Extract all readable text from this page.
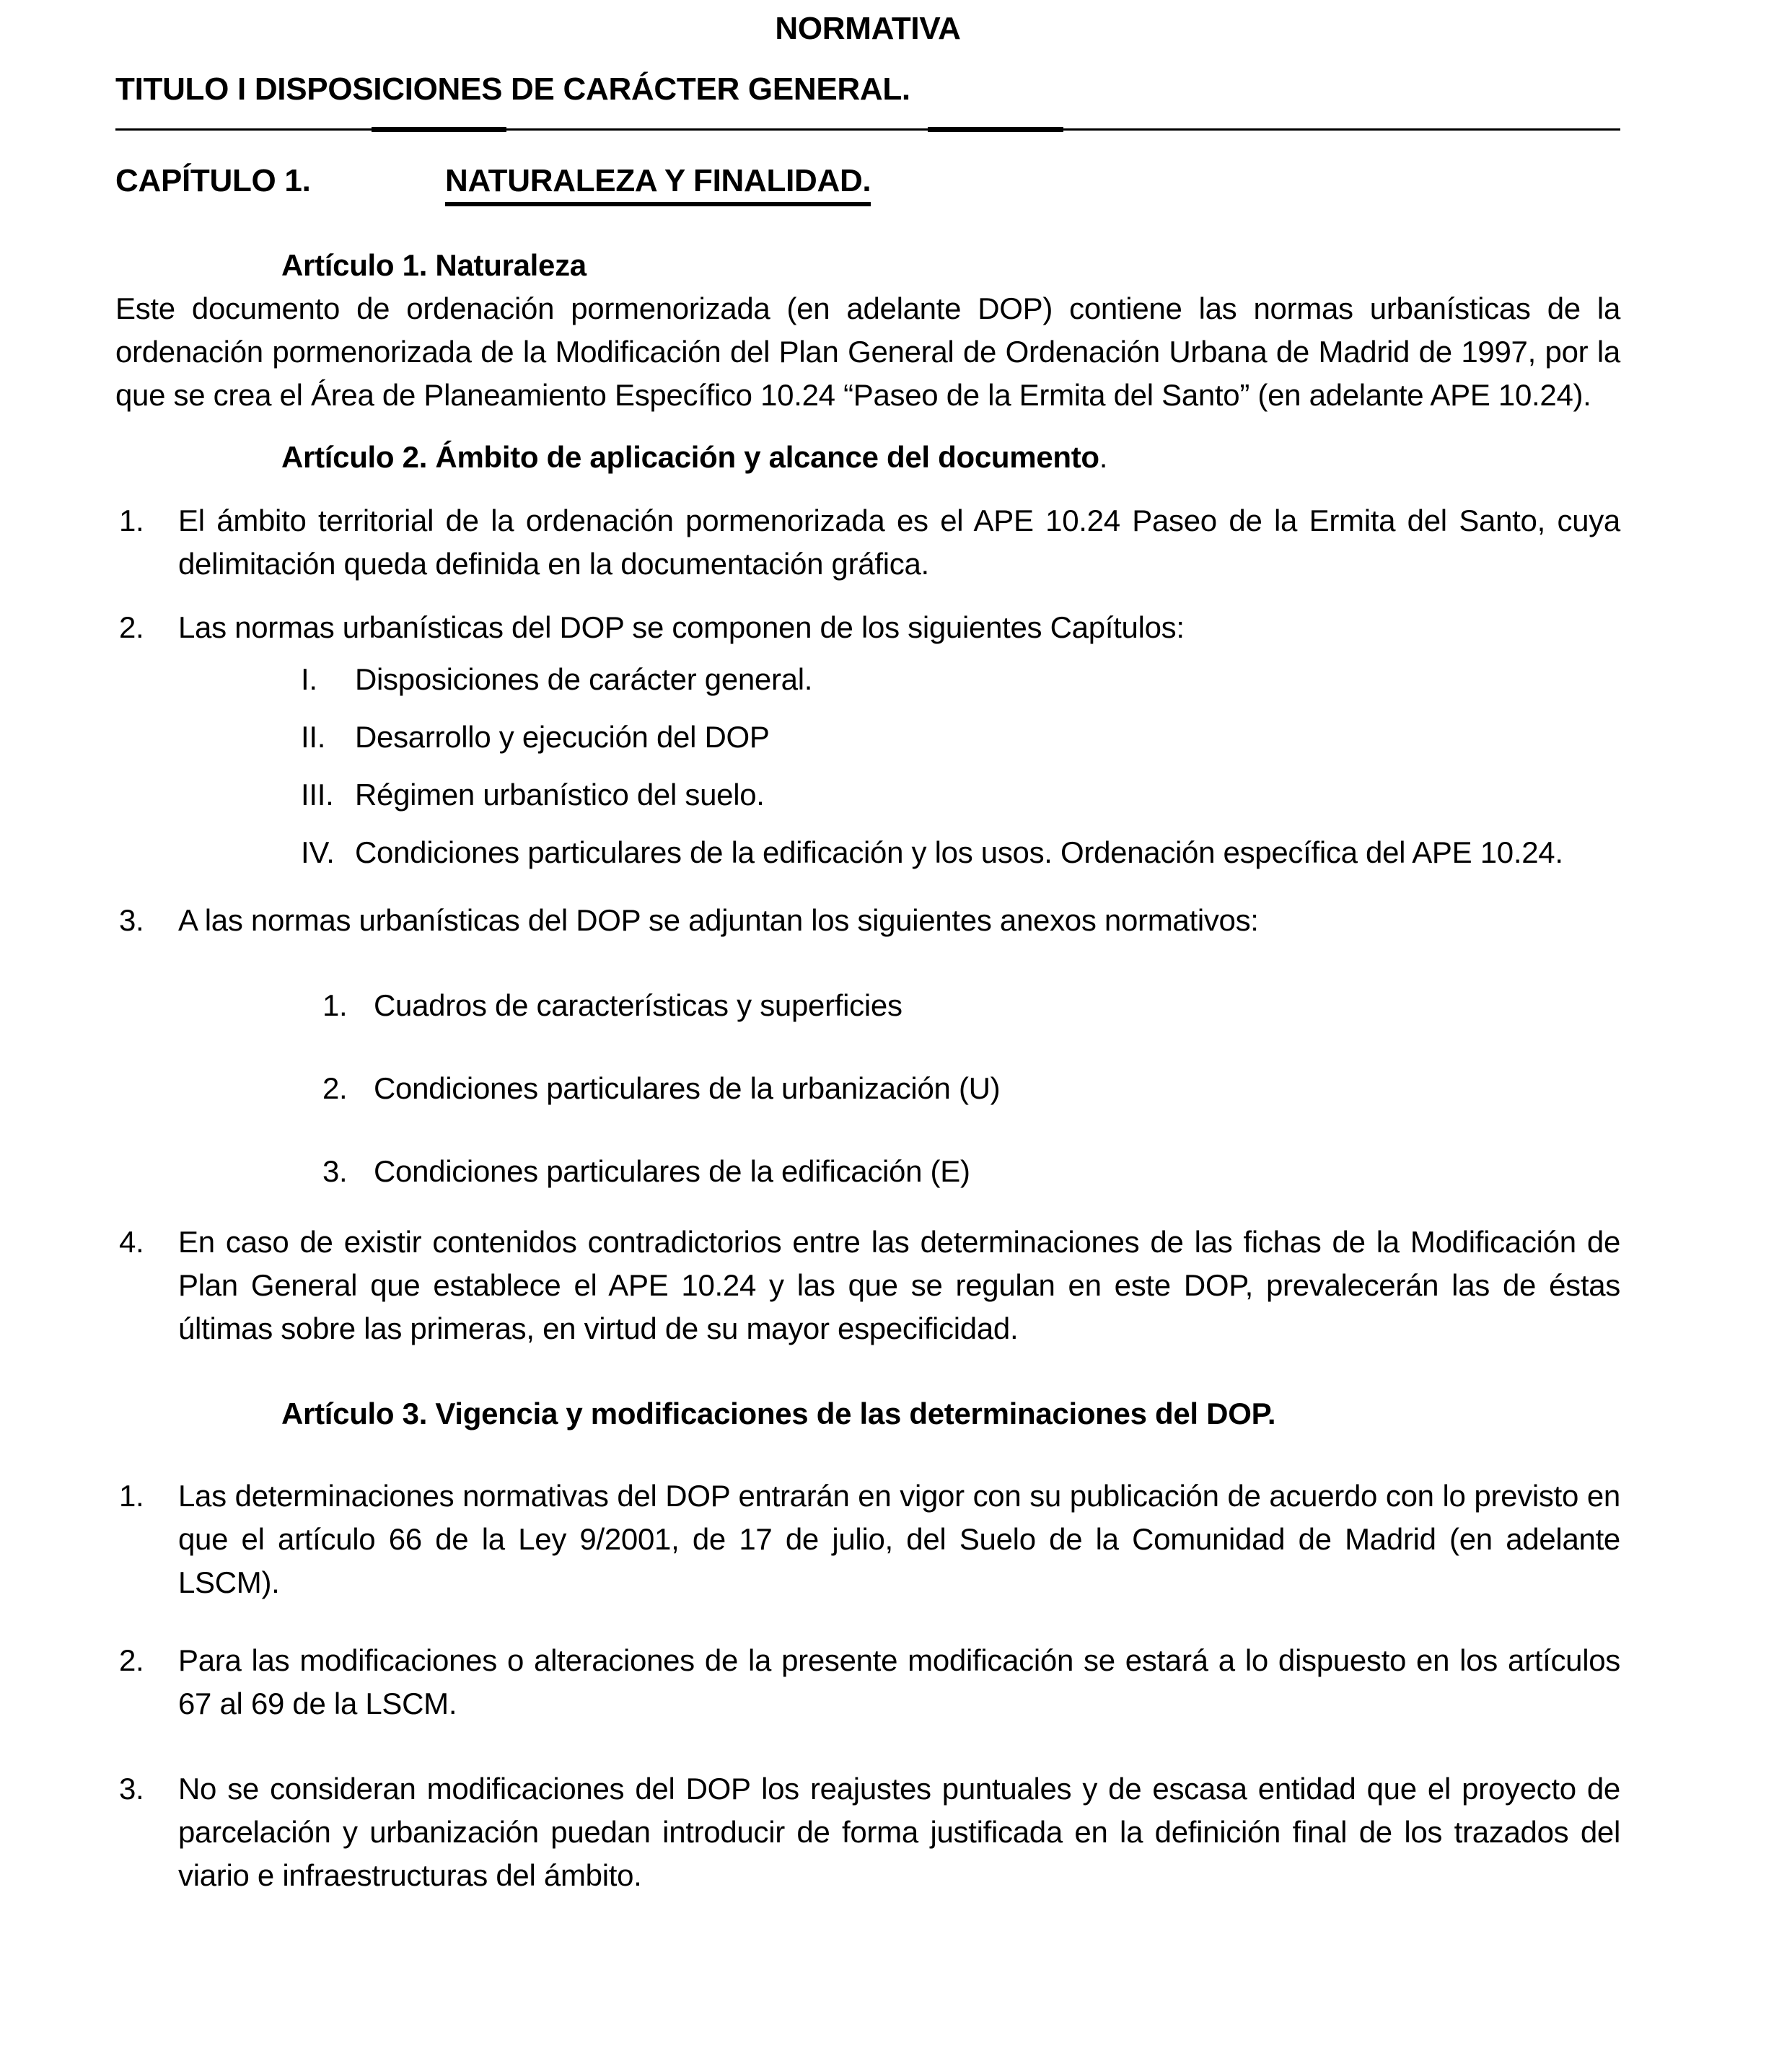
NORMATIVA
TITULO I DISPOSICIONES DE CARÁCTER GENERAL.
CAPÍTULO 1.	NATURALEZA Y FINALIDAD.
Artículo 1. Naturaleza

Este documento de ordenación pormenorizada (en adelante DOP) contiene las normas urbanísticas de la ordenación pormenorizada de la Modificación del Plan General de Ordenación Urbana de Madrid de 1997, por la que se crea el Área de Planeamiento Específico 10.24 “Paseo de la Ermita del Santo” (en adelante APE 10.24).

Artículo 2. Ámbito de aplicación y alcance del documento.
1.	El ámbito territorial de la ordenación pormenorizada es el APE 10.24 Paseo de la Ermita del Santo, cuya delimitación queda definida en la documentación gráfica.

2.	Las normas urbanísticas del DOP se componen de los siguientes Capítulos:

I.	Disposiciones de carácter general.

II. Desarrollo y ejecución del DOP

III. Régimen urbanístico del suelo.

IV. Condiciones particulares de la edificación y los usos. Ordenación específica del APE 10.24.

3.	A las normas urbanísticas del DOP se adjuntan los siguientes anexos normativos:

1. Cuadros de características y superficies

2. Condiciones particulares de la urbanización (U)

3. Condiciones particulares de la edificación (E)

4.	En caso de existir contenidos contradictorios entre las determinaciones de las fichas de la Modificación de Plan General que establece el APE 10.24 y las que se regulan en este DOP, prevalecerán las de éstas últimas sobre las primeras, en virtud de su mayor especificidad.

Artículo 3. Vigencia y modificaciones de las determinaciones del DOP.
1.	Las determinaciones normativas del DOP entrarán en vigor con su publicación de acuerdo con lo previsto en que el artículo 66 de la Ley 9/2001, de 17 de julio, del Suelo de la Comunidad de Madrid (en adelante LSCM).

2.	Para las modificaciones o alteraciones de la presente modificación se estará a lo dispuesto en los artículos 67 al 69 de la LSCM.

3.	No se consideran modificaciones del DOP los reajustes puntuales y de escasa entidad que el proyecto de parcelación y urbanización puedan introducir de forma justificada en la definición final de los trazados del viario e infraestructuras del ámbito.
